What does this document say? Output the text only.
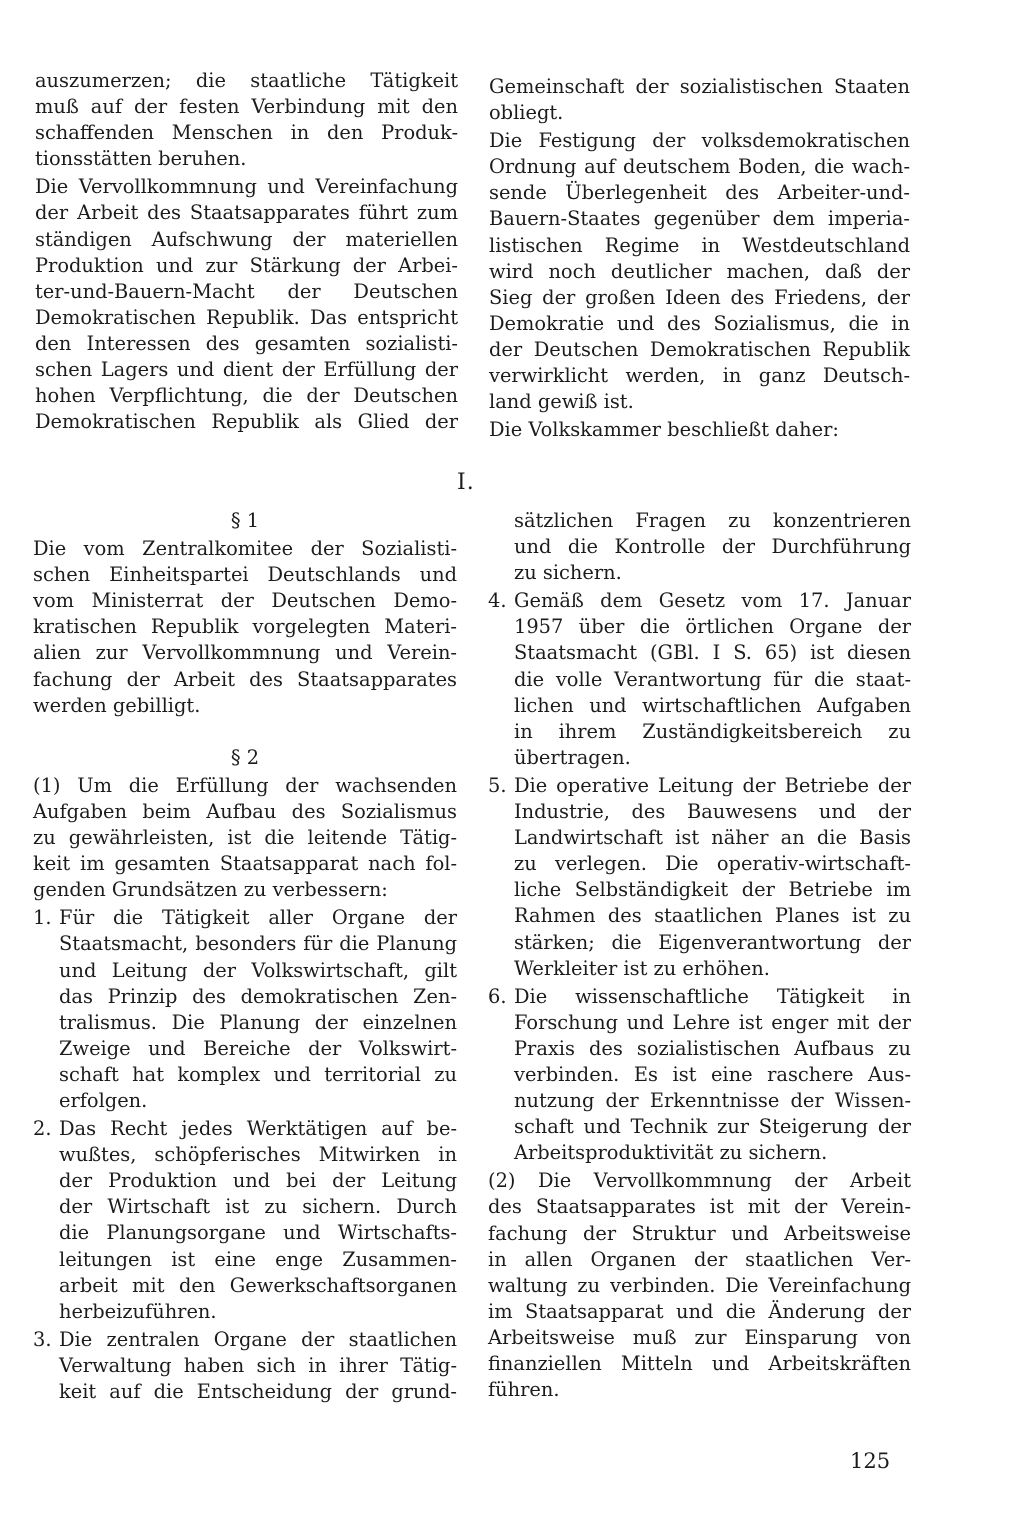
auszumerzen; die staatliche Tätigkeit

muß auf der festen Verbindung mit den

schaffenden Menschen in den Produk-

tionsstätten beruhen.

Die Vervollkommnung und Vereinfachung

der Arbeit des Staatsapparates führt zum

ständigen Aufschwung der materiellen

Produktion und zur Stärkung der Arbei-

ter-und-Bauern-Macht der Deutschen

Demokratischen Republik. Das entspricht

den Interessen des gesamten sozialisti-

schen Lagers und dient der Erfüllung der

hohen Verpflichtung, die der Deutschen

Demokratischen Republik als Glied der

Gemeinschaft der sozialistischen Staaten

obliegt.

Die Festigung der volksdemokratischen

Ordnung auf deutschem Boden, die wach-

sende Überlegenheit des Arbeiter-und-

Bauern-Staates gegenüber dem imperia-

listischen Regime in Westdeutschland

wird noch deutlicher machen, daß der

Sieg der großen Ideen des Friedens, der

Demokratie und des Sozialismus, die in

der Deutschen Demokratischen Republik

verwirklicht werden, in ganz Deutsch-

land gewiß ist.

Die Volkskammer beschließt daher:

I.
§ 1

Die vom Zentralkomitee der Sozialisti-

schen Einheitspartei Deutschlands und

vom Ministerrat der Deutschen Demo-

kratischen Republik vorgelegten Materi-

alien zur Vervollkommnung und Verein-

fachung der Arbeit des Staatsapparates

werden gebilligt.

§ 2

(1) Um die Erfüllung der wachsenden

Aufgaben beim Aufbau des Sozialismus

zu gewährleisten, ist die leitende Tätig-

keit im gesamten Staatsapparat nach fol-

genden Grundsätzen zu verbessern:

1. Für die Tätigkeit aller Organe der

Staatsmacht, besonders für die Planung

und Leitung der Volkswirtschaft, gilt

das Prinzip des demokratischen Zen-

tralismus. Die Planung der einzelnen

Zweige und Bereiche der Volkswirt-

schaft hat komplex und territorial zu

erfolgen.

2. Das Recht jedes Werktätigen auf be-

wußtes, schöpferisches Mitwirken in

der Produktion und bei der Leitung

der Wirtschaft ist zu sichern. Durch

die Planungsorgane und Wirtschafts-

leitungen ist eine enge Zusammen-

arbeit mit den Gewerkschaftsorganen

herbeizuführen.

3. Die zentralen Organe der staatlichen

Verwaltung haben sich in ihrer Tätig-

keit auf die Entscheidung der grund-

sätzlichen Fragen zu konzentrieren

und die Kontrolle der Durchführung

zu sichern.

4. Gemäß dem Gesetz vom 17. Januar

1957 über die örtlichen Organe der

Staatsmacht (GBl. I S. 65) ist diesen

die volle Verantwortung für die staat-

lichen und wirtschaftlichen Aufgaben

in ihrem Zuständigkeitsbereich zu

übertragen.

5. Die operative Leitung der Betriebe der

Industrie, des Bauwesens und der

Landwirtschaft ist näher an die Basis

zu verlegen. Die operativ-wirtschaft-

liche Selbständigkeit der Betriebe im

Rahmen des staatlichen Planes ist zu

stärken; die Eigenverantwortung der

Werkleiter ist zu erhöhen.

6. Die wissenschaftliche Tätigkeit in

Forschung und Lehre ist enger mit der

Praxis des sozialistischen Aufbaus zu

verbinden. Es ist eine raschere Aus-

nutzung der Erkenntnisse der Wissen-

schaft und Technik zur Steigerung der

Arbeitsproduktivität zu sichern.

(2) Die Vervollkommnung der Arbeit

des Staatsapparates ist mit der Verein-

fachung der Struktur und Arbeitsweise

in allen Organen der staatlichen Ver-

waltung zu verbinden. Die Vereinfachung

im Staatsapparat und die Änderung der

Arbeitsweise muß zur Einsparung von

finanziellen Mitteln und Arbeitskräften

führen.

125
